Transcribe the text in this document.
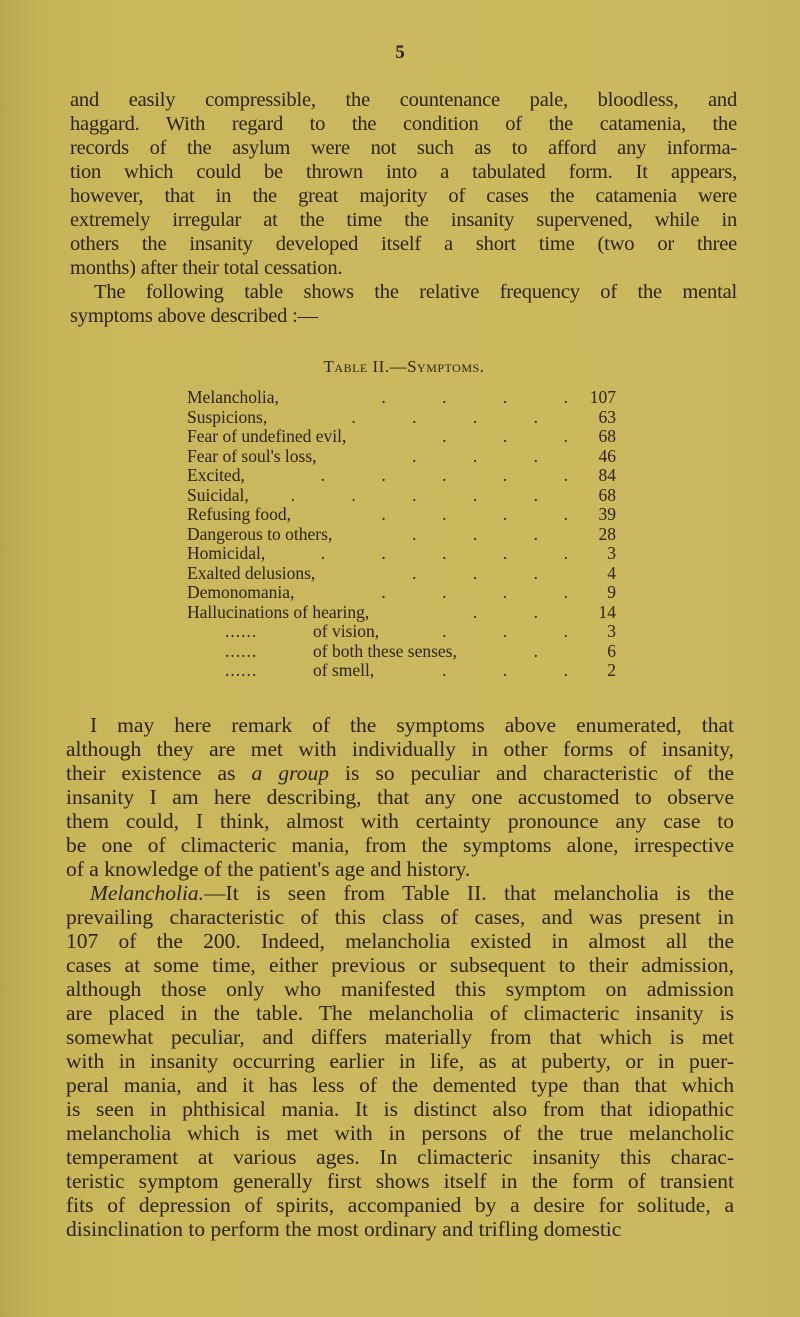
5
and easily compressible, the countenance pale, bloodless, and
haggard. With regard to the condition of the catamenia, the
records of the asylum were not such as to afford any informa-
tion which could be thrown into a tabulated form. It appears,
however, that in the great majority of cases the catamenia were
extremely irregular at the time the insanity supervened, while in
others the insanity developed itself a short time (two or three
months) after their total cessation.
The following table shows the relative frequency of the mental
symptoms above described :—
Table II.—Symptoms.
Melancholia,	. . . . 107
Suspicions,	. . . .	63
Fear of undefined evil,	. . . 68
Fear of soul's loss,	. . .	46
Excited,	. . . . . 84
Suicidal, . . . . .	68
Refusing food,	. . . . 39
Dangerous to others,	. . .	28
Homicidal,	. . . . . 3
Exalted delusions,	. . .	4
Demonomania,	. . . . 9
Hallucinations of hearing,	. .	14
......	of vision,	. . . 3
......	of both these senses,	.	6
......	of smell,	. . . 2
I may here remark of the symptoms above enumerated, that
although they are met with individually in other forms of insanity,
their existence as a group is so peculiar and characteristic of the
insanity I am here describing, that any one accustomed to observe
them could, I think, almost with certainty pronounce any case to
be one of climacteric mania, from the symptoms alone, irrespective
of a knowledge of the patient's age and history.
Melancholia.—It is seen from Table II. that melancholia is the
prevailing characteristic of this class of cases, and was present in
107 of the 200. Indeed, melancholia existed in almost all the
cases at some time, either previous or subsequent to their admission,
although those only who manifested this symptom on admission
are placed in the table. The melancholia of climacteric insanity is
somewhat peculiar, and differs materially from that which is met
with in insanity occurring earlier in life, as at puberty, or in puer-
peral mania, and it has less of the demented type than that which
is seen in phthisical mania. It is distinct also from that idiopathic
melancholia which is met with in persons of the true melancholic
temperament at various ages. In climacteric insanity this charac-
teristic symptom generally first shows itself in the form of transient
fits of depression of spirits, accompanied by a desire for solitude, a
disinclination to perform the most ordinary and trifling domestic
